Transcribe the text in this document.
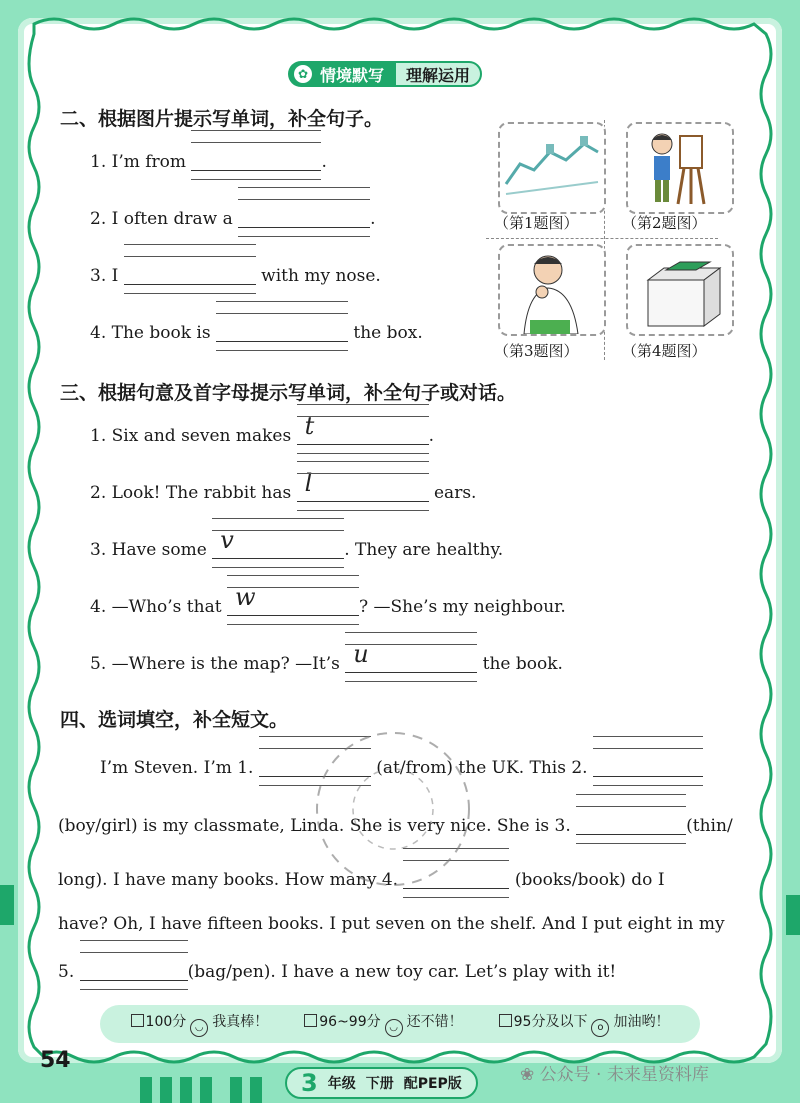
✿ 情境默写	理解运用
二、根据图片提示写单词，补全句子。
1. I’m from	.
2. I often draw a	.
3. I	with my nose.
4. The book is	the box.
（第1题图）	（第2题图）
（第3题图）	（第4题图）
三、根据句意及首字母提示写单词，补全句子或对话。
1. Six and seven makes t	.
2. Look! The rabbit has l	ears.
3. Have some v	. They are healthy.
4. —Who’s that w	? —She’s my neighbour.
5. —Where is the map? —It’s u	the book.
四、选词填空，补全短文。
I’m Steven. I’m 1.	(at/from) the UK. This 2.
(boy/girl) is my classmate, Linda. She is very nice. She is 3.	(thin/
long). I have many books. How many 4.	(books/book) do I
have? Oh, I have fifteen books. I put seven on the shelf. And I put eight in my
5.	(bag/pen). I have a new toy car. Let’s play with it!
100分 ◡ 我真棒！	96~99分 ◡ 还不错！	95分及以下 o 加油哟！
54
3 年级 下册 配PEP版	❀ 公众号 · 未来星资料库
